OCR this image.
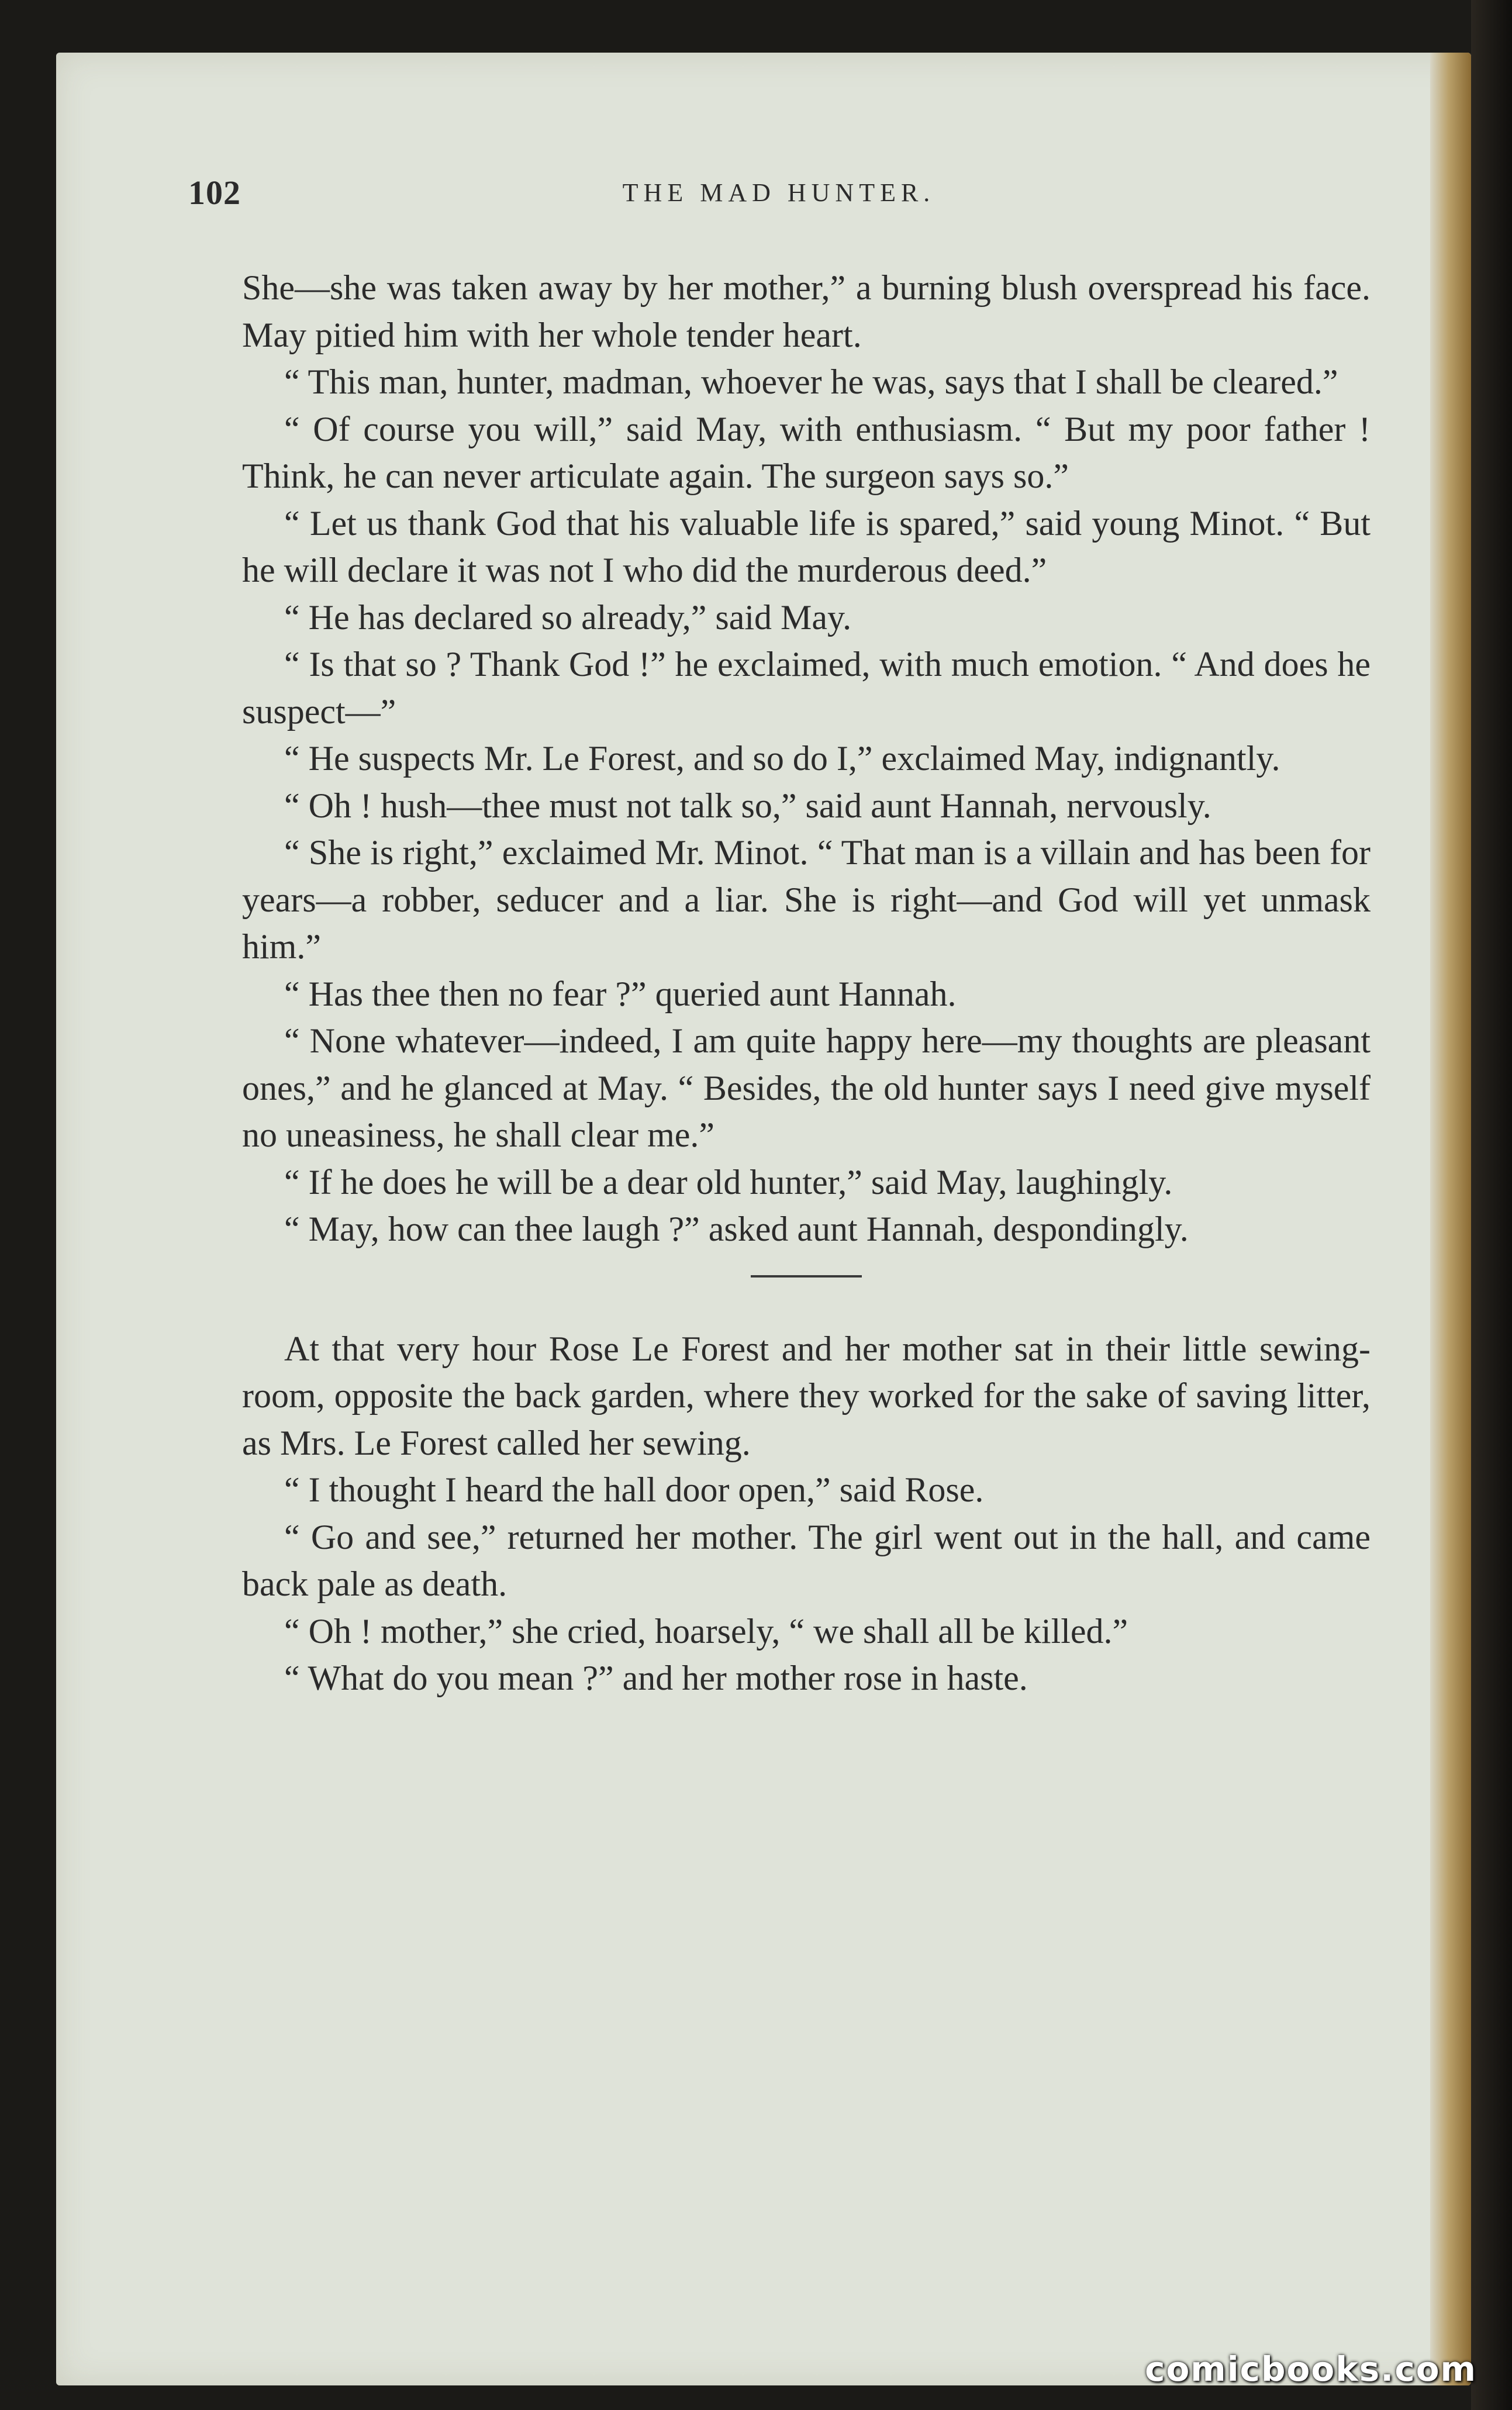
102	THE MAD HUNTER.

She—she was taken away by her mother,” a burning blush overspread his face. May pitied him with her whole tender heart.

“ This man, hunter, madman, whoever he was, says that I shall be cleared.”

“ Of course you will,” said May, with enthusiasm. “ But my poor father ! Think, he can never articulate again. The surgeon says so.”

“ Let us thank God that his valuable life is spared,” said young Minot. “ But he will declare it was not I who did the murderous deed.”

“ He has declared so already,” said May.

“ Is that so ? Thank God !” he exclaimed, with much emotion. “ And does he suspect—”

“ He suspects Mr. Le Forest, and so do I,” exclaimed May, indignantly.

“ Oh ! hush—thee must not talk so,” said aunt Hannah, nervously.

“ She is right,” exclaimed Mr. Minot. “ That man is a villain and has been for years—a robber, seducer and a liar. She is right—and God will yet unmask him.”

“ Has thee then no fear ?” queried aunt Hannah.

“ None whatever—indeed, I am quite happy here—my thoughts are pleasant ones,” and he glanced at May. “ Besides, the old hunter says I need give myself no uneasiness, he shall clear me.”

“ If he does he will be a dear old hunter,” said May, laughingly.

“ May, how can thee laugh ?” asked aunt Hannah, despondingly.

At that very hour Rose Le Forest and her mother sat in their little sewing-room, opposite the back garden, where they worked for the sake of saving litter, as Mrs. Le Forest called her sewing.

“ I thought I heard the hall door open,” said Rose.

“ Go and see,” returned her mother. The girl went out in the hall, and came back pale as death.

“ Oh ! mother,” she cried, hoarsely, “ we shall all be killed.”

“ What do you mean ?” and her mother rose in haste.

comicbooks.com
